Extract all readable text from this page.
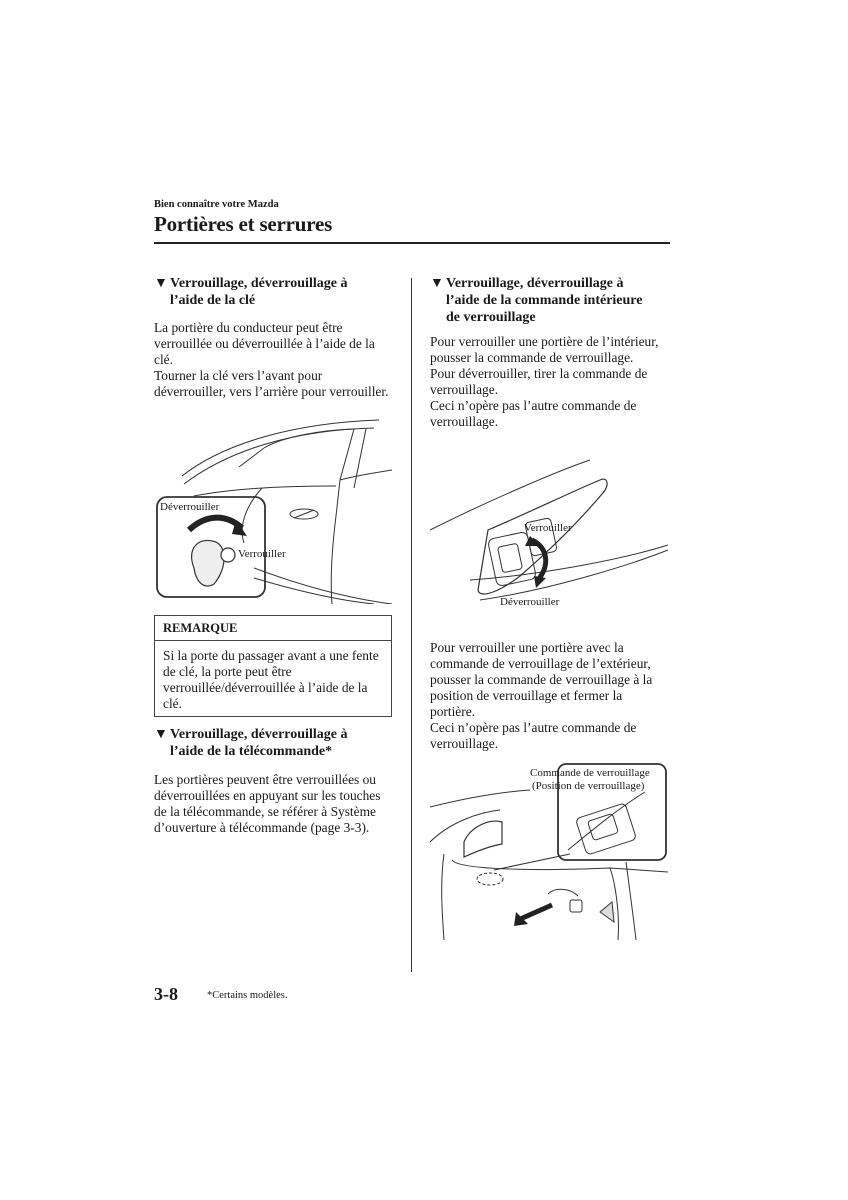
Bien connaître votre Mazda
Portières et serrures
▼ Verrouillage, déverrouillage à
l’aide de la clé

La portière du conducteur peut être verrouillée ou déverrouillée à l’aide de la clé.

Tourner la clé vers l’avant pour déverrouiller, vers l’arrière pour verrouiller.

Déverrouiller
Verrouiller
REMARQUE
Si la porte du passager avant a une fente de clé, la porte peut être verrouillée/déverrouillée à l’aide de la clé.
▼ Verrouillage, déverrouillage à
l’aide de la télécommande*

Les portières peuvent être verrouillées ou déverrouillées en appuyant sur les touches de la télécommande, se référer à Système d’ouverture à télécommande (page 3-3).

▼ Verrouillage, déverrouillage à
l’aide de la commande intérieure
de verrouillage

Pour verrouiller une portière de l’intérieur, pousser la commande de verrouillage.

Pour déverrouiller, tirer la commande de verrouillage.

Ceci n’opère pas l’autre commande de verrouillage.

Verrouiller
Déverrouiller

Pour verrouiller une portière avec la commande de verrouillage de l’extérieur, pousser la commande de verrouillage à la position de verrouillage et fermer la portière.

Ceci n’opère pas l’autre commande de verrouillage.

Commande de verrouillage
(Position de verrouillage)
3-8	*Certains modèles.
